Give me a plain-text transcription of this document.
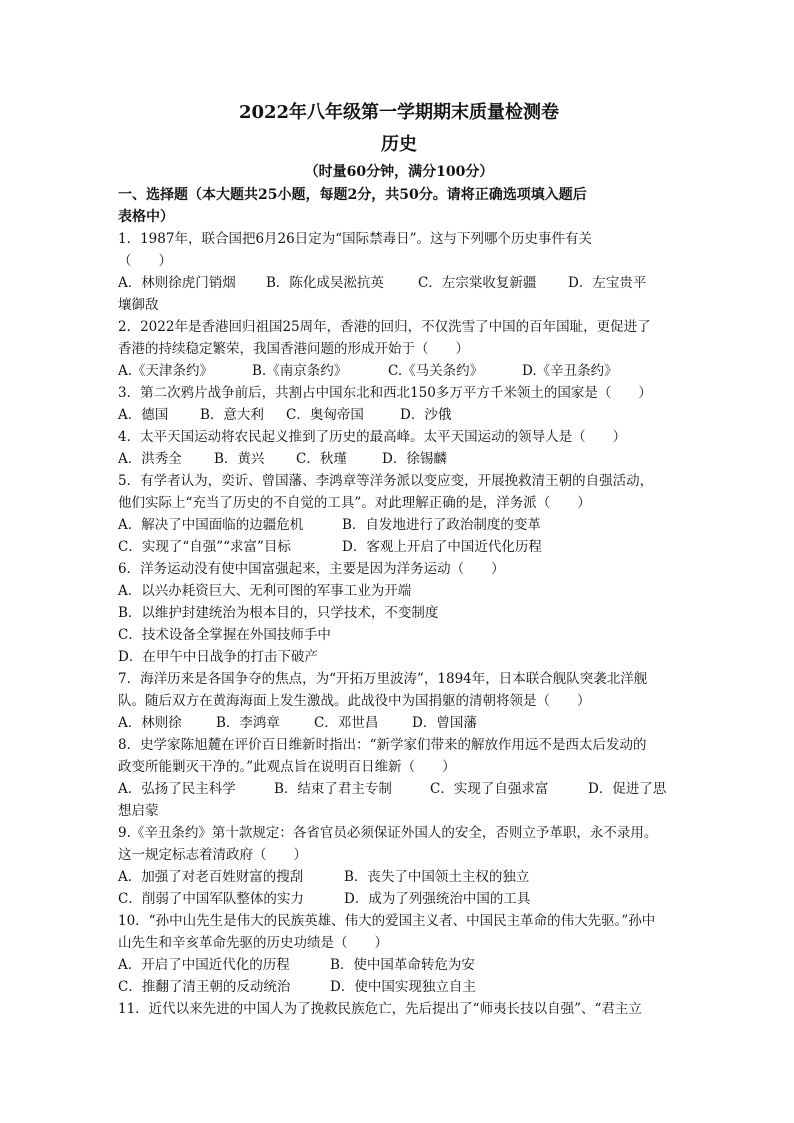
2022年八年级第一学期期末质量检测卷

历史

（时量60分钟，满分100分）

一、选择题（本大题共25小题，每题2分，共50分。请将正确选项填入题后

表格中）

1．1987年，联合国把6月26日定为“国际禁毒日”。这与下列哪个历史事件有关

（　　）

A．林则徐虎门销烟 B．陈化成吴淞抗英	C．左宗棠收复新疆 D．左宝贵平

壤御敌

2．2022年是香港回归祖国25周年，香港的回归，不仅洗雪了中国的百年国耻，更促进了

香港的持续稳定繁荣，我国香港问题的形成开始于（　　）

A.《天津条约》	B.《南京条约》	C.《马关条约》	D.《辛丑条约》

3．第二次鸦片战争前后，共割占中国东北和西北150多万平方千米领土的国家是（　　）

A．德国 B．意大利 C．奥匈帝国	D．沙俄

4．太平天国运动将农民起义推到了历史的最高峰。太平天国运动的领导人是（　　）

A．洪秀全 B．黄兴 C．秋瑾	D．徐锡麟

5．有学者认为，奕䜣、曾国藩、李鸿章等洋务派以变应变，开展挽救清王朝的自强活动，

他们实际上“充当了历史的不自觉的工具”。对此理解正确的是，洋务派（　　）

A．解决了中国面临的边疆危机	B．自发地进行了政治制度的变革

C．实现了“自强”“求富”目标	D．客观上开启了中国近代化历程

6．洋务运动没有使中国富强起来，主要是因为洋务运动（　　）

A．以兴办耗资巨大、无利可图的军事工业为开端

B．以维护封建统治为根本目的，只学技术，不变制度

C．技术设备全掌握在外国技师手中

D．在甲午中日战争的打击下破产

7．海洋历来是各国争夺的焦点，为“开拓万里波涛”，1894年，日本联合舰队突袭北洋舰

队。随后双方在黄海海面上发生激战。此战役中为国捐躯的清朝将领是（　　）

A．林则徐	B．李鸿章	C．邓世昌 D．曾国藩

8．史学家陈旭麓在评价百日维新时指出：“新学家们带来的解放作用远不是西太后发动的

政变所能剿灭干净的。”此观点旨在说明百日维新（　　）

A．弘扬了民主科学	B．结束了君主专制	C．实现了自强求富	D．促进了思

想启蒙

9.《辛丑条约》第十款规定：各省官员必须保证外国人的安全，否则立予革职，永不录用。

这一规定标志着清政府（　　）

A．加强了对老百姓财富的搜刮	B．丧失了中国领土主权的独立

C．削弱了中国军队整体的实力	D．成为了列强统治中国的工具

10．“孙中山先生是伟大的民族英雄、伟大的爱国主义者、中国民主革命的伟大先驱。”孙中

山先生和辛亥革命先驱的历史功绩是（　　）

A．开启了中国近代化的历程	B．使中国革命转危为安

C．推翻了清王朝的反动统治	D．使中国实现独立自主

11．近代以来先进的中国人为了挽救民族危亡，先后提出了“师夷长技以自强”、“君主立
